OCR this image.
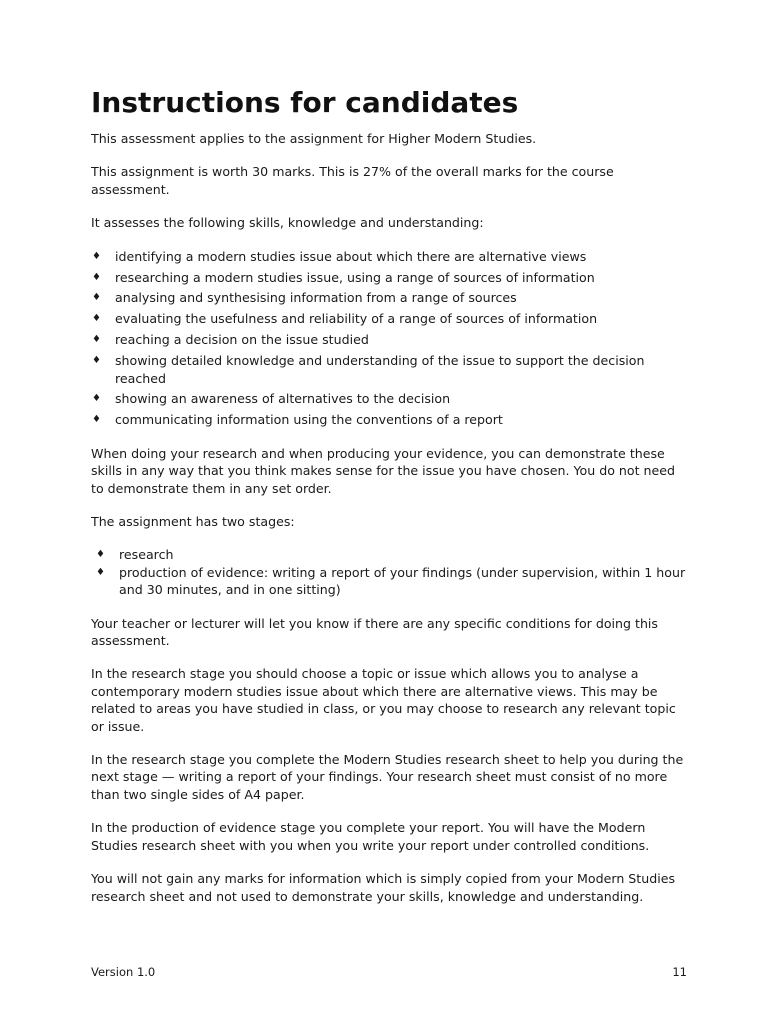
Instructions for candidates

This assessment applies to the assignment for Higher Modern Studies.

This assignment is worth 30 marks. This is 27% of the overall marks for the course assessment.

It assesses the following skills, knowledge and understanding:

♦ identifying a modern studies issue about which there are alternative views
♦ researching a modern studies issue, using a range of sources of information
♦ analysing and synthesising information from a range of sources
♦ evaluating the usefulness and reliability of a range of sources of information
♦ reaching a decision on the issue studied
♦ showing detailed knowledge and understanding of the issue to support the decision reached
♦ showing an awareness of alternatives to the decision
♦ communicating information using the conventions of a report

When doing your research and when producing your evidence, you can demonstrate these skills in any way that you think makes sense for the issue you have chosen. You do not need to demonstrate them in any set order.

The assignment has two stages:

♦ research
♦ production of evidence: writing a report of your findings (under supervision, within 1 hour and 30 minutes, and in one sitting)

Your teacher or lecturer will let you know if there are any specific conditions for doing this assessment.

In the research stage you should choose a topic or issue which allows you to analyse a contemporary modern studies issue about which there are alternative views. This may be related to areas you have studied in class, or you may choose to research any relevant topic or issue.

In the research stage you complete the Modern Studies research sheet to help you during the next stage — writing a report of your findings. Your research sheet must consist of no more than two single sides of A4 paper.

In the production of evidence stage you complete your report. You will have the Modern Studies research sheet with you when you write your report under controlled conditions.

You will not gain any marks for information which is simply copied from your Modern Studies research sheet and not used to demonstrate your skills, knowledge and understanding.

Version 1.0	11
